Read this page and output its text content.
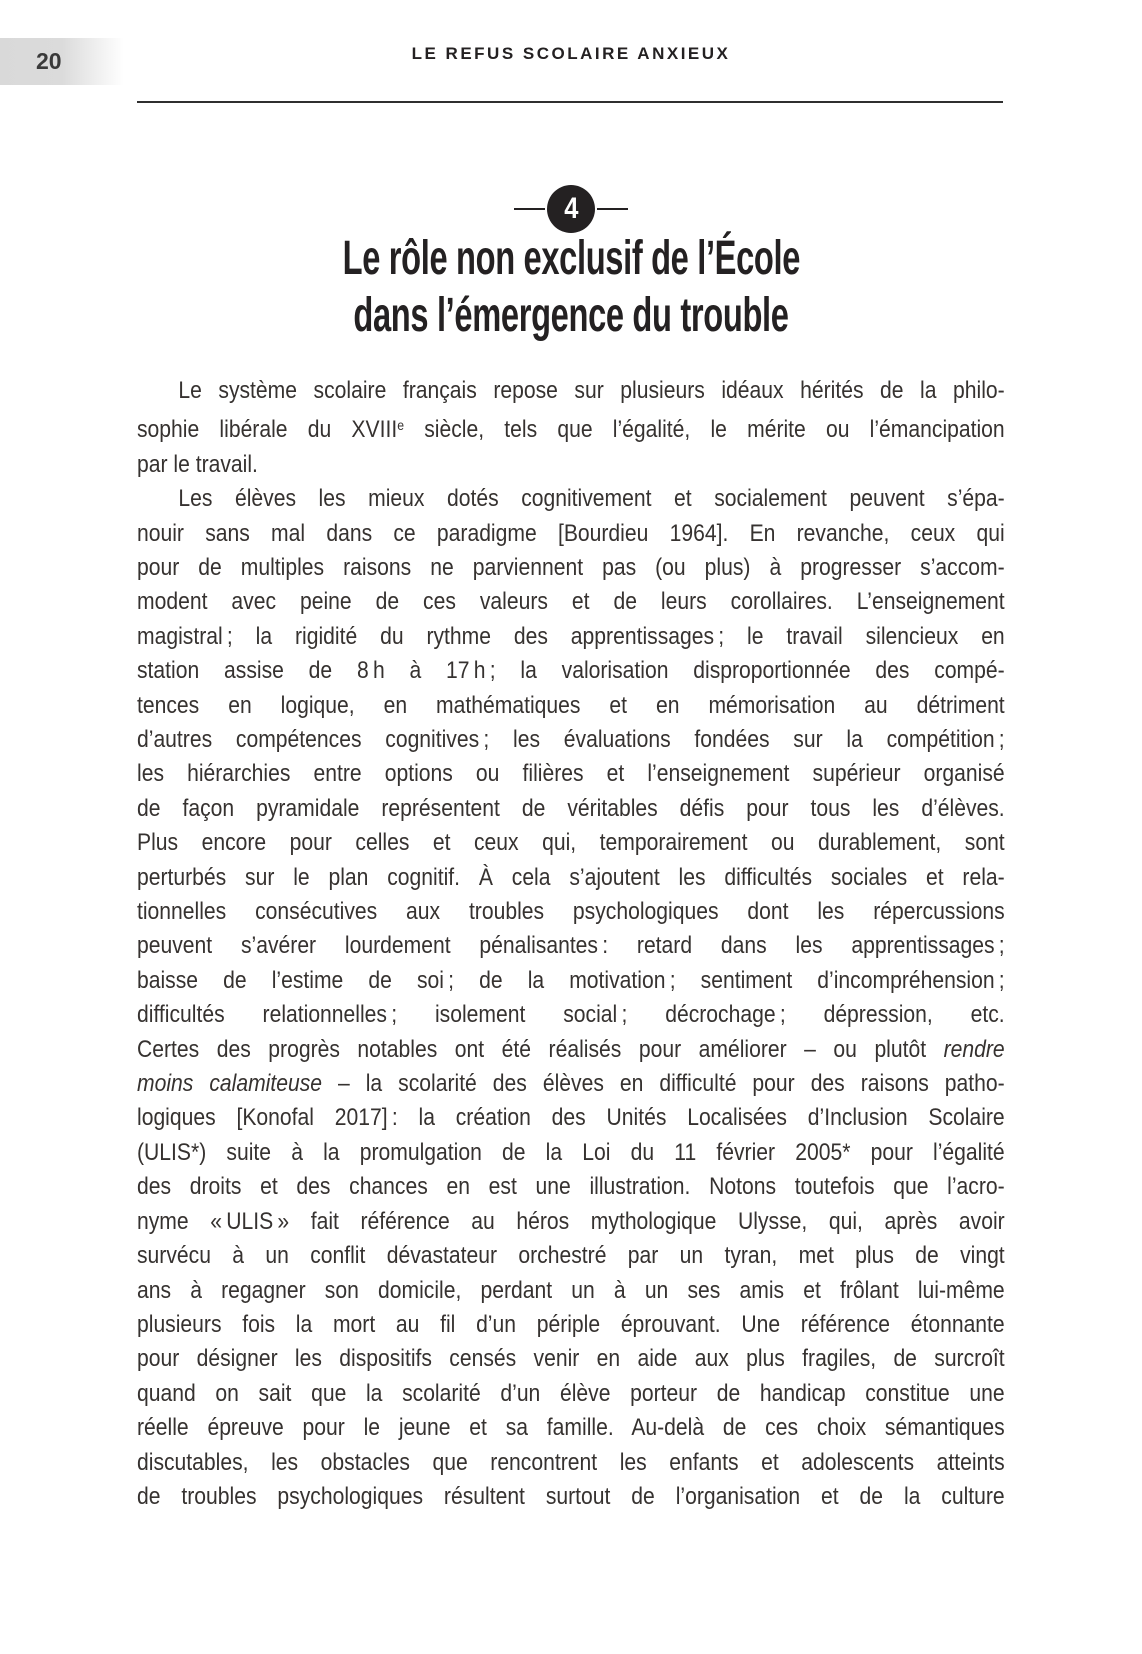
20	LE REFUS SCOLAIRE ANXIEUX
4
Le rôle non exclusif de l’École
dans l’émergence du trouble
Le système scolaire français repose sur plusieurs idéaux hérités de la philo-
sophie libérale du XVIIIe siècle, tels que l’égalité, le mérite ou l’émancipation
par le travail.
Les élèves les mieux dotés cognitivement et socialement peuvent s’épa-
nouir sans mal dans ce paradigme [Bourdieu 1964]. En revanche, ceux qui
pour de multiples raisons ne parviennent pas (ou plus) à progresser s’accom-
modent avec peine de ces valeurs et de leurs corollaires. L’enseignement
magistral ; la rigidité du rythme des apprentissages ; le travail silencieux en
station assise de 8 h à 17 h ; la valorisation disproportionnée des compé-
tences en logique, en mathématiques et en mémorisation au détriment
d’autres compétences cognitives ; les évaluations fondées sur la compétition ;
les hiérarchies entre options ou filières et l’enseignement supérieur organisé
de façon pyramidale représentent de véritables défis pour tous les d’élèves.
Plus encore pour celles et ceux qui, temporairement ou durablement, sont
perturbés sur le plan cognitif. À cela s’ajoutent les difficultés sociales et rela-
tionnelles consécutives aux troubles psychologiques dont les répercussions
peuvent s’avérer lourdement pénalisantes : retard dans les apprentissages ;
baisse de l’estime de soi ; de la motivation ; sentiment d’incompréhension ;
difficultés relationnelles ; isolement social ; décrochage ; dépression, etc.
Certes des progrès notables ont été réalisés pour améliorer – ou plutôt rendre
moins calamiteuse – la scolarité des élèves en difficulté pour des raisons patho-
logiques [Konofal 2017] : la création des Unités Localisées d’Inclusion Scolaire
(ULIS*) suite à la promulgation de la Loi du 11 février 2005* pour l’égalité
des droits et des chances en est une illustration. Notons toutefois que l’acro-
nyme « ULIS » fait référence au héros mythologique Ulysse, qui, après avoir
survécu à un conflit dévastateur orchestré par un tyran, met plus de vingt
ans à regagner son domicile, perdant un à un ses amis et frôlant lui-même
plusieurs fois la mort au fil d’un périple éprouvant. Une référence étonnante
pour désigner les dispositifs censés venir en aide aux plus fragiles, de surcroît
quand on sait que la scolarité d’un élève porteur de handicap constitue une
réelle épreuve pour le jeune et sa famille. Au-delà de ces choix sémantiques
discutables, les obstacles que rencontrent les enfants et adolescents atteints
de troubles psychologiques résultent surtout de l’organisation et de la culture
